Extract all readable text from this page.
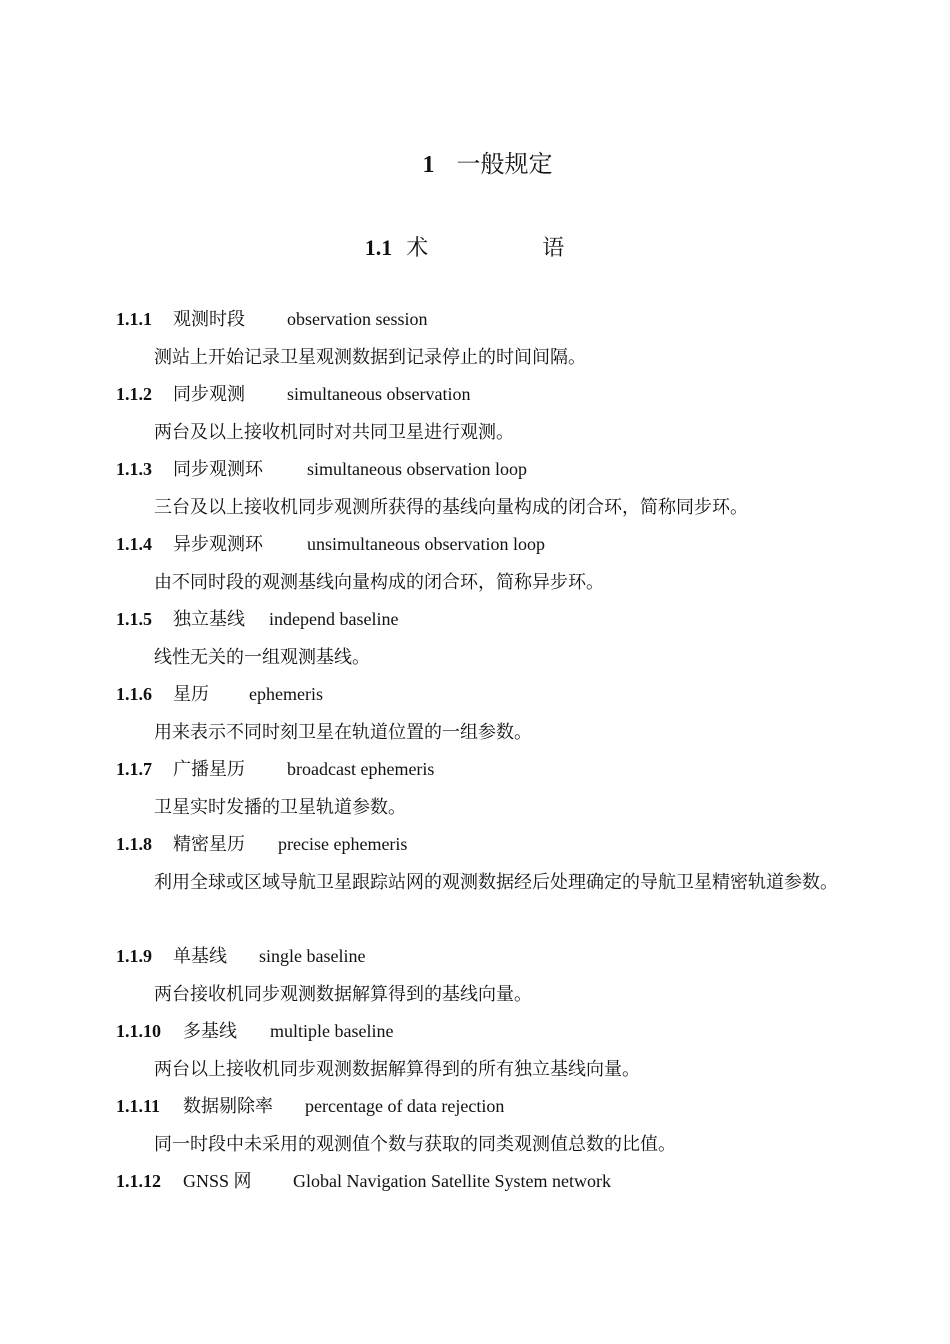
1 一般规定
1.1 术　语
1.1.1 观测时段 observation session

测站上开始记录卫星观测数据到记录停止的时间间隔。

1.1.2 同步观测 simultaneous observation

两台及以上接收机同时对共同卫星进行观测。

1.1.3 同步观测环 simultaneous observation loop

三台及以上接收机同步观测所获得的基线向量构成的闭合环，简称同步环。

1.1.4 异步观测环 unsimultaneous observation loop

由不同时段的观测基线向量构成的闭合环，简称异步环。

1.1.5 独立基线 independ baseline

线性无关的一组观测基线。

1.1.6 星历 ephemeris

用来表示不同时刻卫星在轨道位置的一组参数。

1.1.7 广播星历 broadcast ephemeris

卫星实时发播的卫星轨道参数。

1.1.8 精密星历 precise ephemeris

利用全球或区域导航卫星跟踪站网的观测数据经后处理确定的导航卫星精密轨道参数。

1.1.9 单基线 single baseline

两台接收机同步观测数据解算得到的基线向量。

1.1.10 多基线 multiple baseline

两台以上接收机同步观测数据解算得到的所有独立基线向量。

1.1.11 数据剔除率 percentage of data rejection

同一时段中未采用的观测值个数与获取的同类观测值总数的比值。

1.1.12 GNSS 网 Global Navigation Satellite System network
